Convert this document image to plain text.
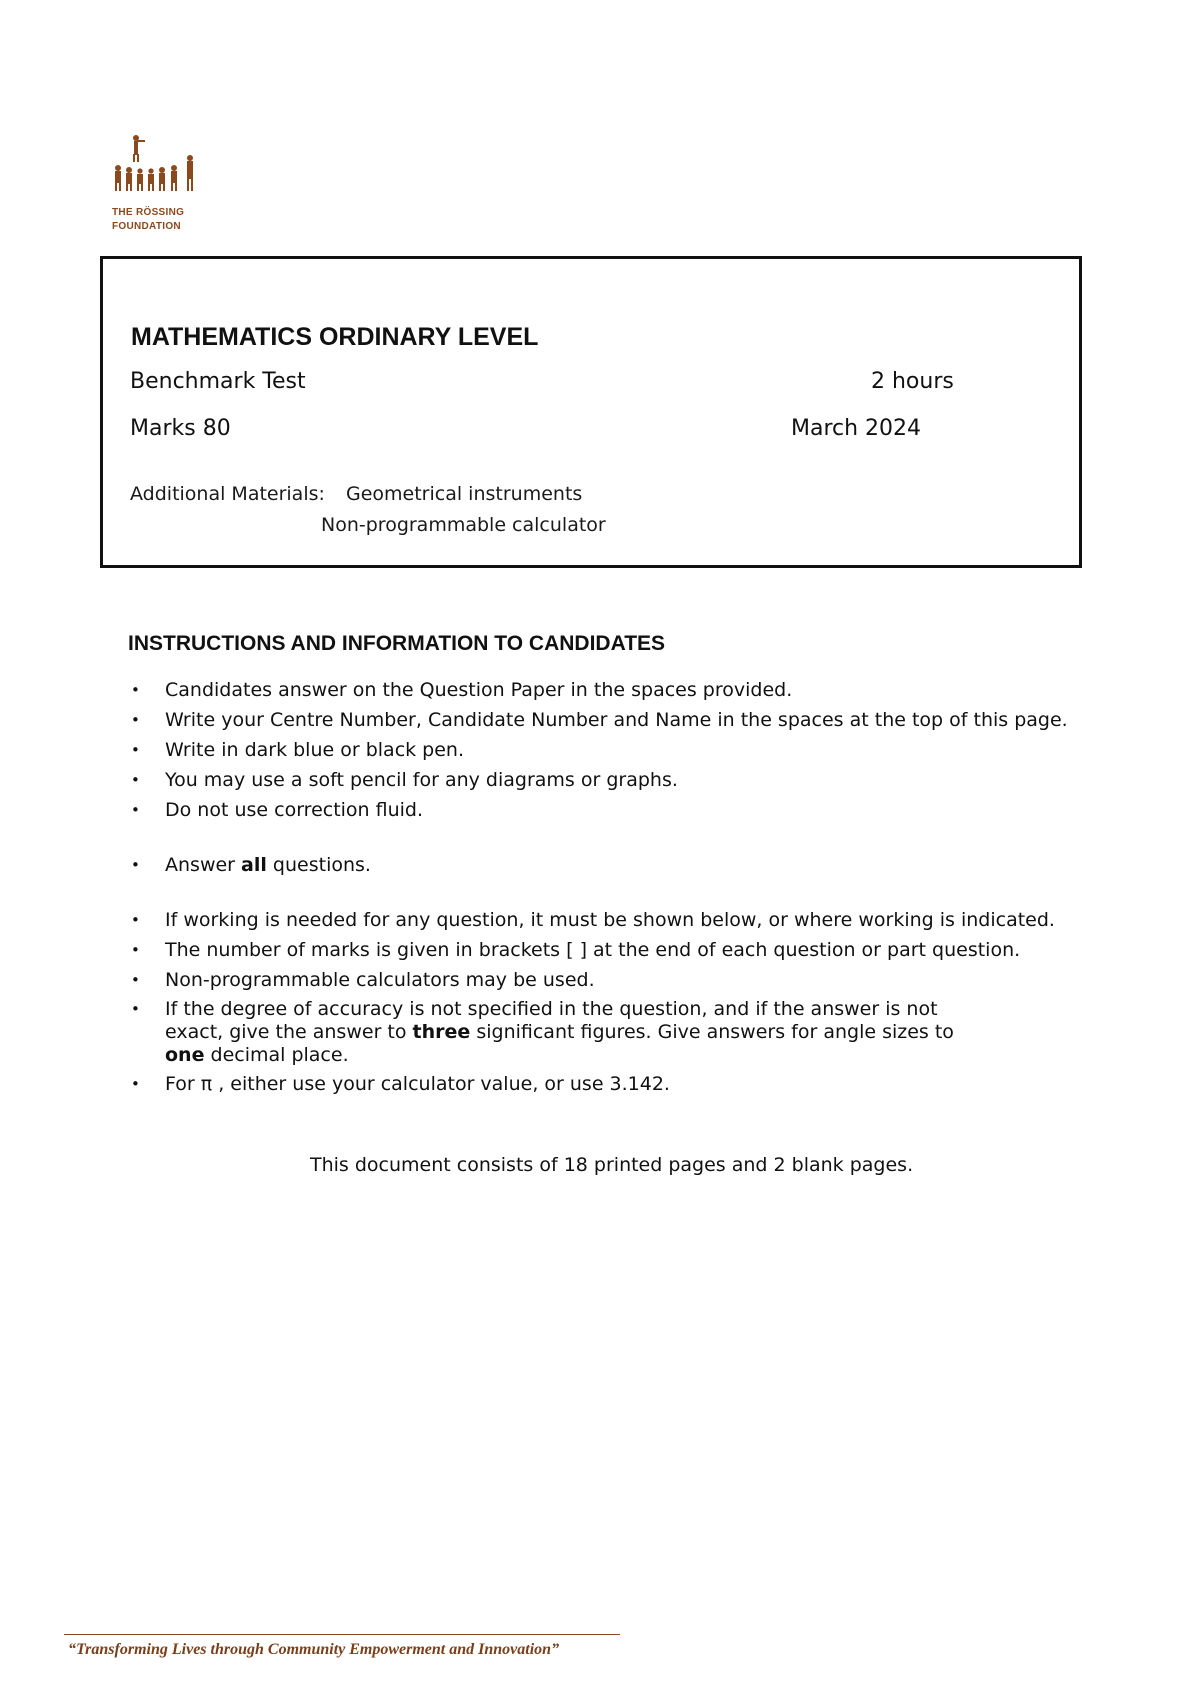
THE RÖSSING
FOUNDATION
MATHEMATICS ORDINARY LEVEL
Benchmark Test	2 hours
Marks 80	March 2024
Additional Materials: Geometrical instruments
Non-programmable calculator
INSTRUCTIONS AND INFORMATION TO CANDIDATES
• Candidates answer on the Question Paper in the spaces provided.
• Write your Centre Number, Candidate Number and Name in the spaces at the top of this page.
• Write in dark blue or black pen.
• You may use a soft pencil for any diagrams or graphs.
• Do not use correction fluid.
• Answer all questions.
• If working is needed for any question, it must be shown below, or where working is indicated.
• The number of marks is given in brackets [ ] at the end of each question or part question.
• Non-programmable calculators may be used.
• If the degree of accuracy is not specified in the question, and if the answer is not
exact, give the answer to three significant figures. Give answers for angle sizes to
one decimal place.
• For π , either use your calculator value, or use 3.142.
This document consists of 18 printed pages and 2 blank pages.
“Transforming Lives through Community Empowerment and Innovation”
